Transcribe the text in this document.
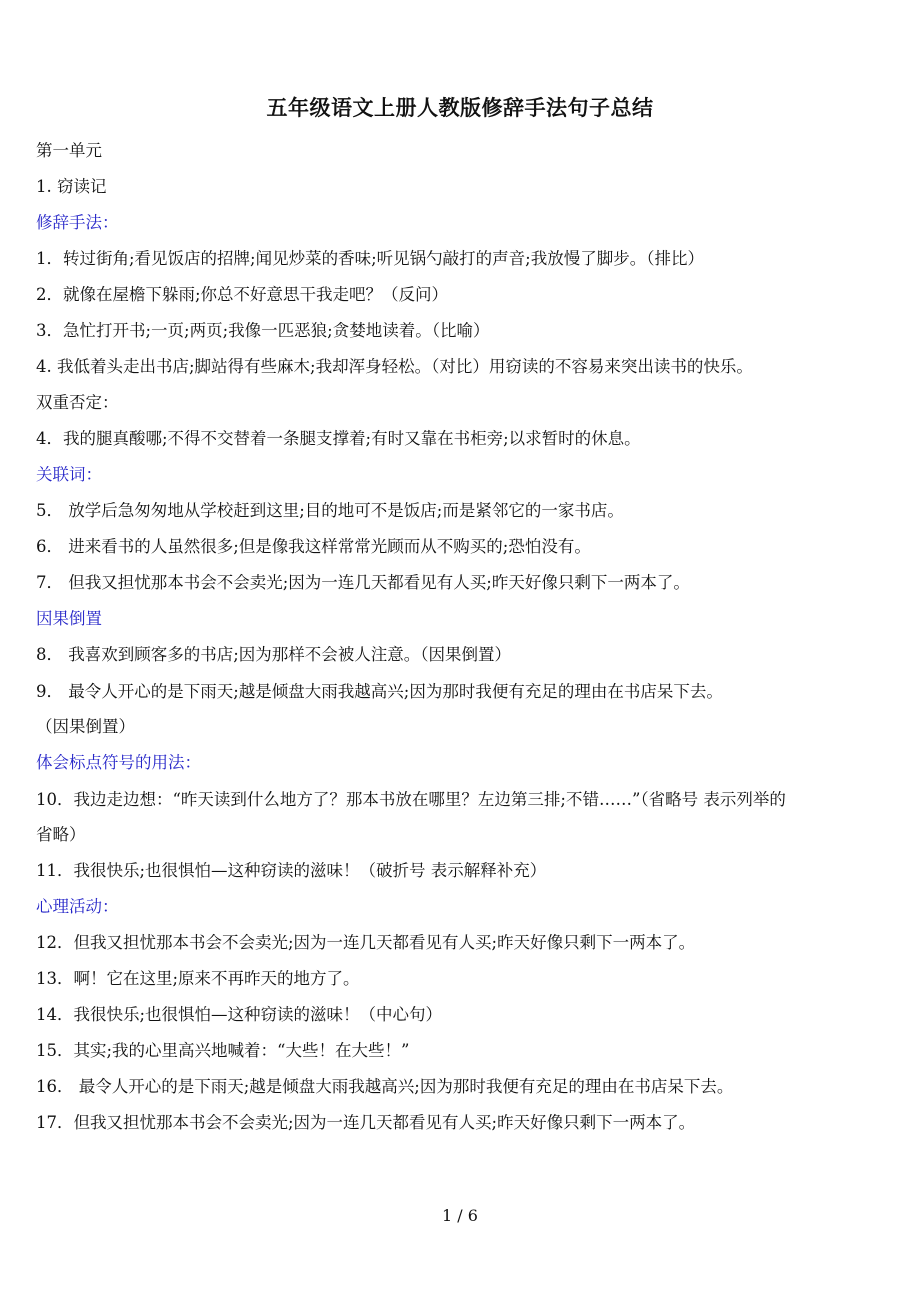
五年级语文上册人教版修辞手法句子总结
第一单元
1. 窃读记
修辞手法：
1．转过街角;看见饭店的招牌;闻见炒菜的香味;听见锅勺敲打的声音;我放慢了脚步。（排比）
2．就像在屋檐下躲雨;你总不好意思干我走吧？（反问）
3．急忙打开书;一页;两页;我像一匹恶狼;贪婪地读着。（比喻）
4. 我低着头走出书店;脚站得有些麻木;我却浑身轻松。（对比）用窃读的不容易来突出读书的快乐。
双重否定：
4．我的腿真酸哪;不得不交替着一条腿支撑着;有时又靠在书柜旁;以求暂时的休息。
关联词：
5． 放学后急匆匆地从学校赶到这里;目的地可不是饭店;而是紧邻它的一家书店。
6． 进来看书的人虽然很多;但是像我这样常常光顾而从不购买的;恐怕没有。
7． 但我又担忧那本书会不会卖光;因为一连几天都看见有人买;昨天好像只剩下一两本了。
因果倒置
8． 我喜欢到顾客多的书店;因为那样不会被人注意。（因果倒置）
9． 最令人开心的是下雨天;越是倾盘大雨我越高兴;因为那时我便有充足的理由在书店呆下去。
（因果倒置）
体会标点符号的用法：
10．我边走边想：“昨天读到什么地方了？那本书放在哪里？左边第三排;不错……”（省略号 表示列举的
省略）
11．我很快乐;也很惧怕—这种窃读的滋味！（破折号 表示解释补充）
心理活动：
12．但我又担忧那本书会不会卖光;因为一连几天都看见有人买;昨天好像只剩下一两本了。
13．啊！它在这里;原来不再昨天的地方了。
14．我很快乐;也很惧怕—这种窃读的滋味！（中心句）
15．其实;我的心里高兴地喊着：“大些！在大些！”
16． 最令人开心的是下雨天;越是倾盘大雨我越高兴;因为那时我便有充足的理由在书店呆下去。
17．但我又担忧那本书会不会卖光;因为一连几天都看见有人买;昨天好像只剩下一两本了。
1 / 6
